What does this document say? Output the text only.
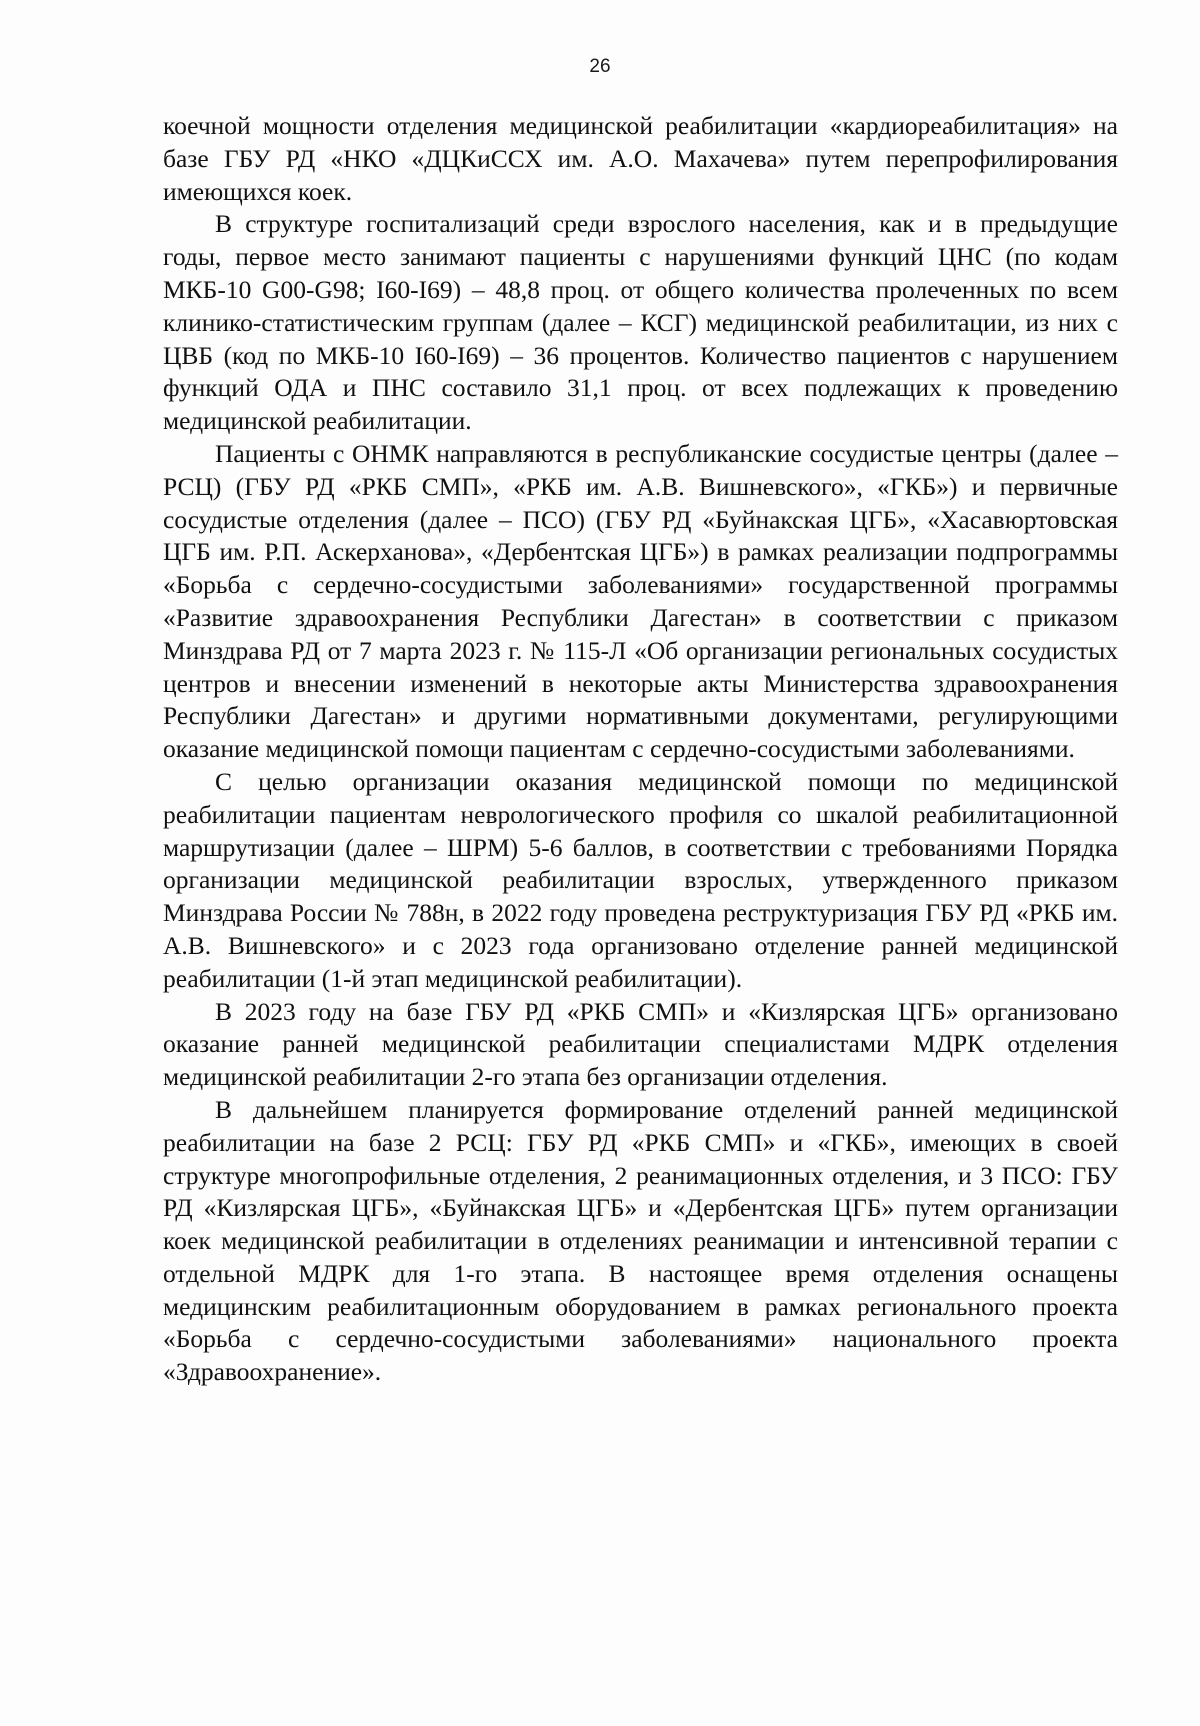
26

коечной мощности отделения медицинской реабилитации «кардиореабилитация» на базе ГБУ РД «НКО «ДЦКиССХ им. А.О. Махачева» путем перепрофилирования имеющихся коек.

В структуре госпитализаций среди взрослого населения, как и в предыдущие годы, первое место занимают пациенты с нарушениями функций ЦНС (по кодам МКБ-10 G00-G98; I60-I69) – 48,8 проц. от общего количества пролеченных по всем клинико-статистическим группам (далее – КСГ) медицинской реабилитации, из них с ЦВБ (код по МКБ-10 I60-I69) – 36 процентов. Количество пациентов с нарушением функций ОДА и ПНС составило 31,1 проц. от всех подлежащих к проведению медицинской реабилитации.

Пациенты с ОНМК направляются в республиканские сосудистые центры (далее – РСЦ) (ГБУ РД «РКБ СМП», «РКБ им. А.В. Вишневского», «ГКБ») и первичные сосудистые отделения (далее – ПСО) (ГБУ РД «Буйнакская ЦГБ», «Хасавюртовская ЦГБ им. Р.П. Аскерханова», «Дербентская ЦГБ») в рамках реализации подпрограммы «Борьба с сердечно-сосудистыми заболеваниями» государственной программы «Развитие здравоохранения Республики Дагестан» в соответствии с приказом Минздрава РД от 7 марта 2023 г. № 115-Л «Об организации региональных сосудистых центров и внесении изменений в некоторые акты Министерства здравоохранения Республики Дагестан» и другими нормативными документами, регулирующими оказание медицинской помощи пациентам с сердечно-сосудистыми заболеваниями.

С целью организации оказания медицинской помощи по медицинской реабилитации пациентам неврологического профиля со шкалой реабилитационной маршрутизации (далее – ШРМ) 5-6 баллов, в соответствии с требованиями Порядка организации медицинской реабилитации взрослых, утвержденного приказом Минздрава России № 788н, в 2022 году проведена реструктуризация ГБУ РД «РКБ им. А.В. Вишневского» и с 2023 года организовано отделение ранней медицинской реабилитации (1-й этап медицинской реабилитации).

В 2023 году на базе ГБУ РД «РКБ СМП» и «Кизлярская ЦГБ» организовано оказание ранней медицинской реабилитации специалистами МДРК отделения медицинской реабилитации 2-го этапа без организации отделения.

В дальнейшем планируется формирование отделений ранней медицинской реабилитации на базе 2 РСЦ: ГБУ РД «РКБ СМП» и «ГКБ», имеющих в своей структуре многопрофильные отделения, 2 реанимационных отделения, и 3 ПСО: ГБУ РД «Кизлярская ЦГБ», «Буйнакская ЦГБ» и «Дербентская ЦГБ» путем организации коек медицинской реабилитации в отделениях реанимации и интенсивной терапии с отдельной МДРК для 1-го этапа. В настоящее время отделения оснащены медицинским реабилитационным оборудованием в рамках регионального проекта «Борьба с сердечно-сосудистыми заболеваниями» национального проекта «Здравоохранение».
